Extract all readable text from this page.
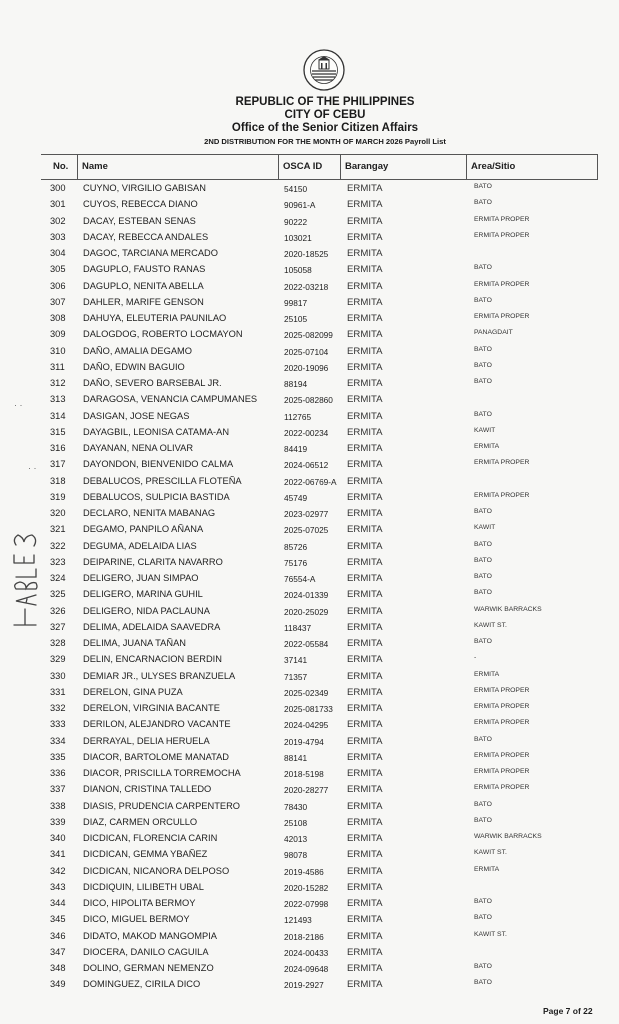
REPUBLIC OF THE PHILIPPINES
CITY OF CEBU
Office of the Senior Citizen Affairs
2ND DISTRIBUTION FOR THE MONTH OF MARCH 2026 Payroll List
No.	Name	OSCA ID	Barangay	Area/Sitio
300 CUYNO, VIRGILIO GABISAN	54150	ERMITA	BATO
301 CUYOS, REBECCA DIANO	90961-A	ERMITA	BATO
302 DACAY, ESTEBAN SENAS	90222	ERMITA	ERMITA PROPER
303 DACAY, REBECCA ANDALES	103021	ERMITA	ERMITA PROPER
304 DAGOC, TARCIANA MERCADO	2020-18525 ERMITA
305 DAGUPLO, FAUSTO RANAS	105058	ERMITA	BATO
306 DAGUPLO, NENITA ABELLA	2022-03218 ERMITA	ERMITA PROPER
307 DAHLER, MARIFE GENSON	99817	ERMITA	BATO
308 DAHUYA, ELEUTERIA PAUNILAO	25105	ERMITA	ERMITA PROPER
309 DALOGDOG, ROBERTO LOCMAYON	2025-082099 ERMITA	PANAGDAIT
310 DAÑO, AMALIA DEGAMO	2025-07104 ERMITA	BATO
311 DAÑO, EDWIN BAGUIO	2020-19096 ERMITA	BATO
312 DAÑO, SEVERO BARSEBAL JR.	88194	ERMITA	BATO
313 DARAGOSA, VENANCIA CAMPUMANES	2025-082860 ERMITA
314 DASIGAN, JOSE NEGAS	112765	ERMITA	BATO
315 DAYAGBIL, LEONISA CATAMA-AN	2022-00234 ERMITA	KAWIT
316 DAYANAN, NENA OLIVAR	84419	ERMITA	ERMITA
317 DAYONDON, BIENVENIDO CALMA	2024-06512 ERMITA	ERMITA PROPER
318 DEBALUCOS, PRESCILLA FLOTEÑA	2022-06769-A ERMITA
319 DEBALUCOS, SULPICIA BASTIDA	45749	ERMITA	ERMITA PROPER
320 DECLARO, NENITA MABANAG	2023-02977 ERMITA	BATO
321 DEGAMO, PANPILO AÑANA	2025-07025 ERMITA	KAWIT
322 DEGUMA, ADELAIDA LIAS	85726	ERMITA	BATO
323 DEIPARINE, CLARITA NAVARRO	75176	ERMITA	BATO
324 DELIGERO, JUAN SIMPAO	76554-A	ERMITA	BATO
325 DELIGERO, MARINA GUHIL	2024-01339 ERMITA	BATO
326 DELIGERO, NIDA PACLAUNA	2020-25029 ERMITA	WARWIK BARRACKS
327 DELIMA, ADELAIDA SAAVEDRA	118437	ERMITA	KAWIT ST.
328 DELIMA, JUANA TAÑAN	2022-05584 ERMITA	BATO
329 DELIN, ENCARNACION BERDIN	37141	ERMITA	-
330 DEMIAR JR., ULYSES BRANZUELA	71357	ERMITA	ERMITA
331 DERELON, GINA PUZA	2025-02349 ERMITA	ERMITA PROPER
332 DERELON, VIRGINIA BACANTE	2025-081733 ERMITA	ERMITA PROPER
333 DERILON, ALEJANDRO VACANTE	2024-04295 ERMITA	ERMITA PROPER
334 DERRAYAL, DELIA HERUELA	2019-4794 ERMITA	BATO
335 DIACOR, BARTOLOME MANATAD	88141	ERMITA	ERMITA PROPER
336 DIACOR, PRISCILLA TORREMOCHA	2018-5198 ERMITA	ERMITA PROPER
337 DIANON, CRISTINA TALLEDO	2020-28277 ERMITA	ERMITA PROPER
338 DIASIS, PRUDENCIA CARPENTERO	78430	ERMITA	BATO
339 DIAZ, CARMEN ORCULLO	25108	ERMITA	BATO
340 DICDICAN, FLORENCIA CARIN	42013	ERMITA	WARWIK BARRACKS
341 DICDICAN, GEMMA YBAÑEZ	98078	ERMITA	KAWIT ST.
342 DICDICAN, NICANORA DELPOSO	2019-4586 ERMITA	ERMITA
343 DICDIQUIN, LILIBETH UBAL	2020-15282 ERMITA
344 DICO, HIPOLITA BERMOY	2022-07998 ERMITA	BATO
345 DICO, MIGUEL BERMOY	121493	ERMITA	BATO
346 DIDATO, MAKOD MANGOMPIA	2018-2186 ERMITA	KAWIT ST.
347 DIOCERA, DANILO CAGUILA	2024-00433 ERMITA
348 DOLINO, GERMAN NEMENZO	2024-09648 ERMITA	BATO
349 DOMINGUEZ, CIRILA DICO	2019-2927 ERMITA	BATO
· ·
· ·
Page 7 of 22
